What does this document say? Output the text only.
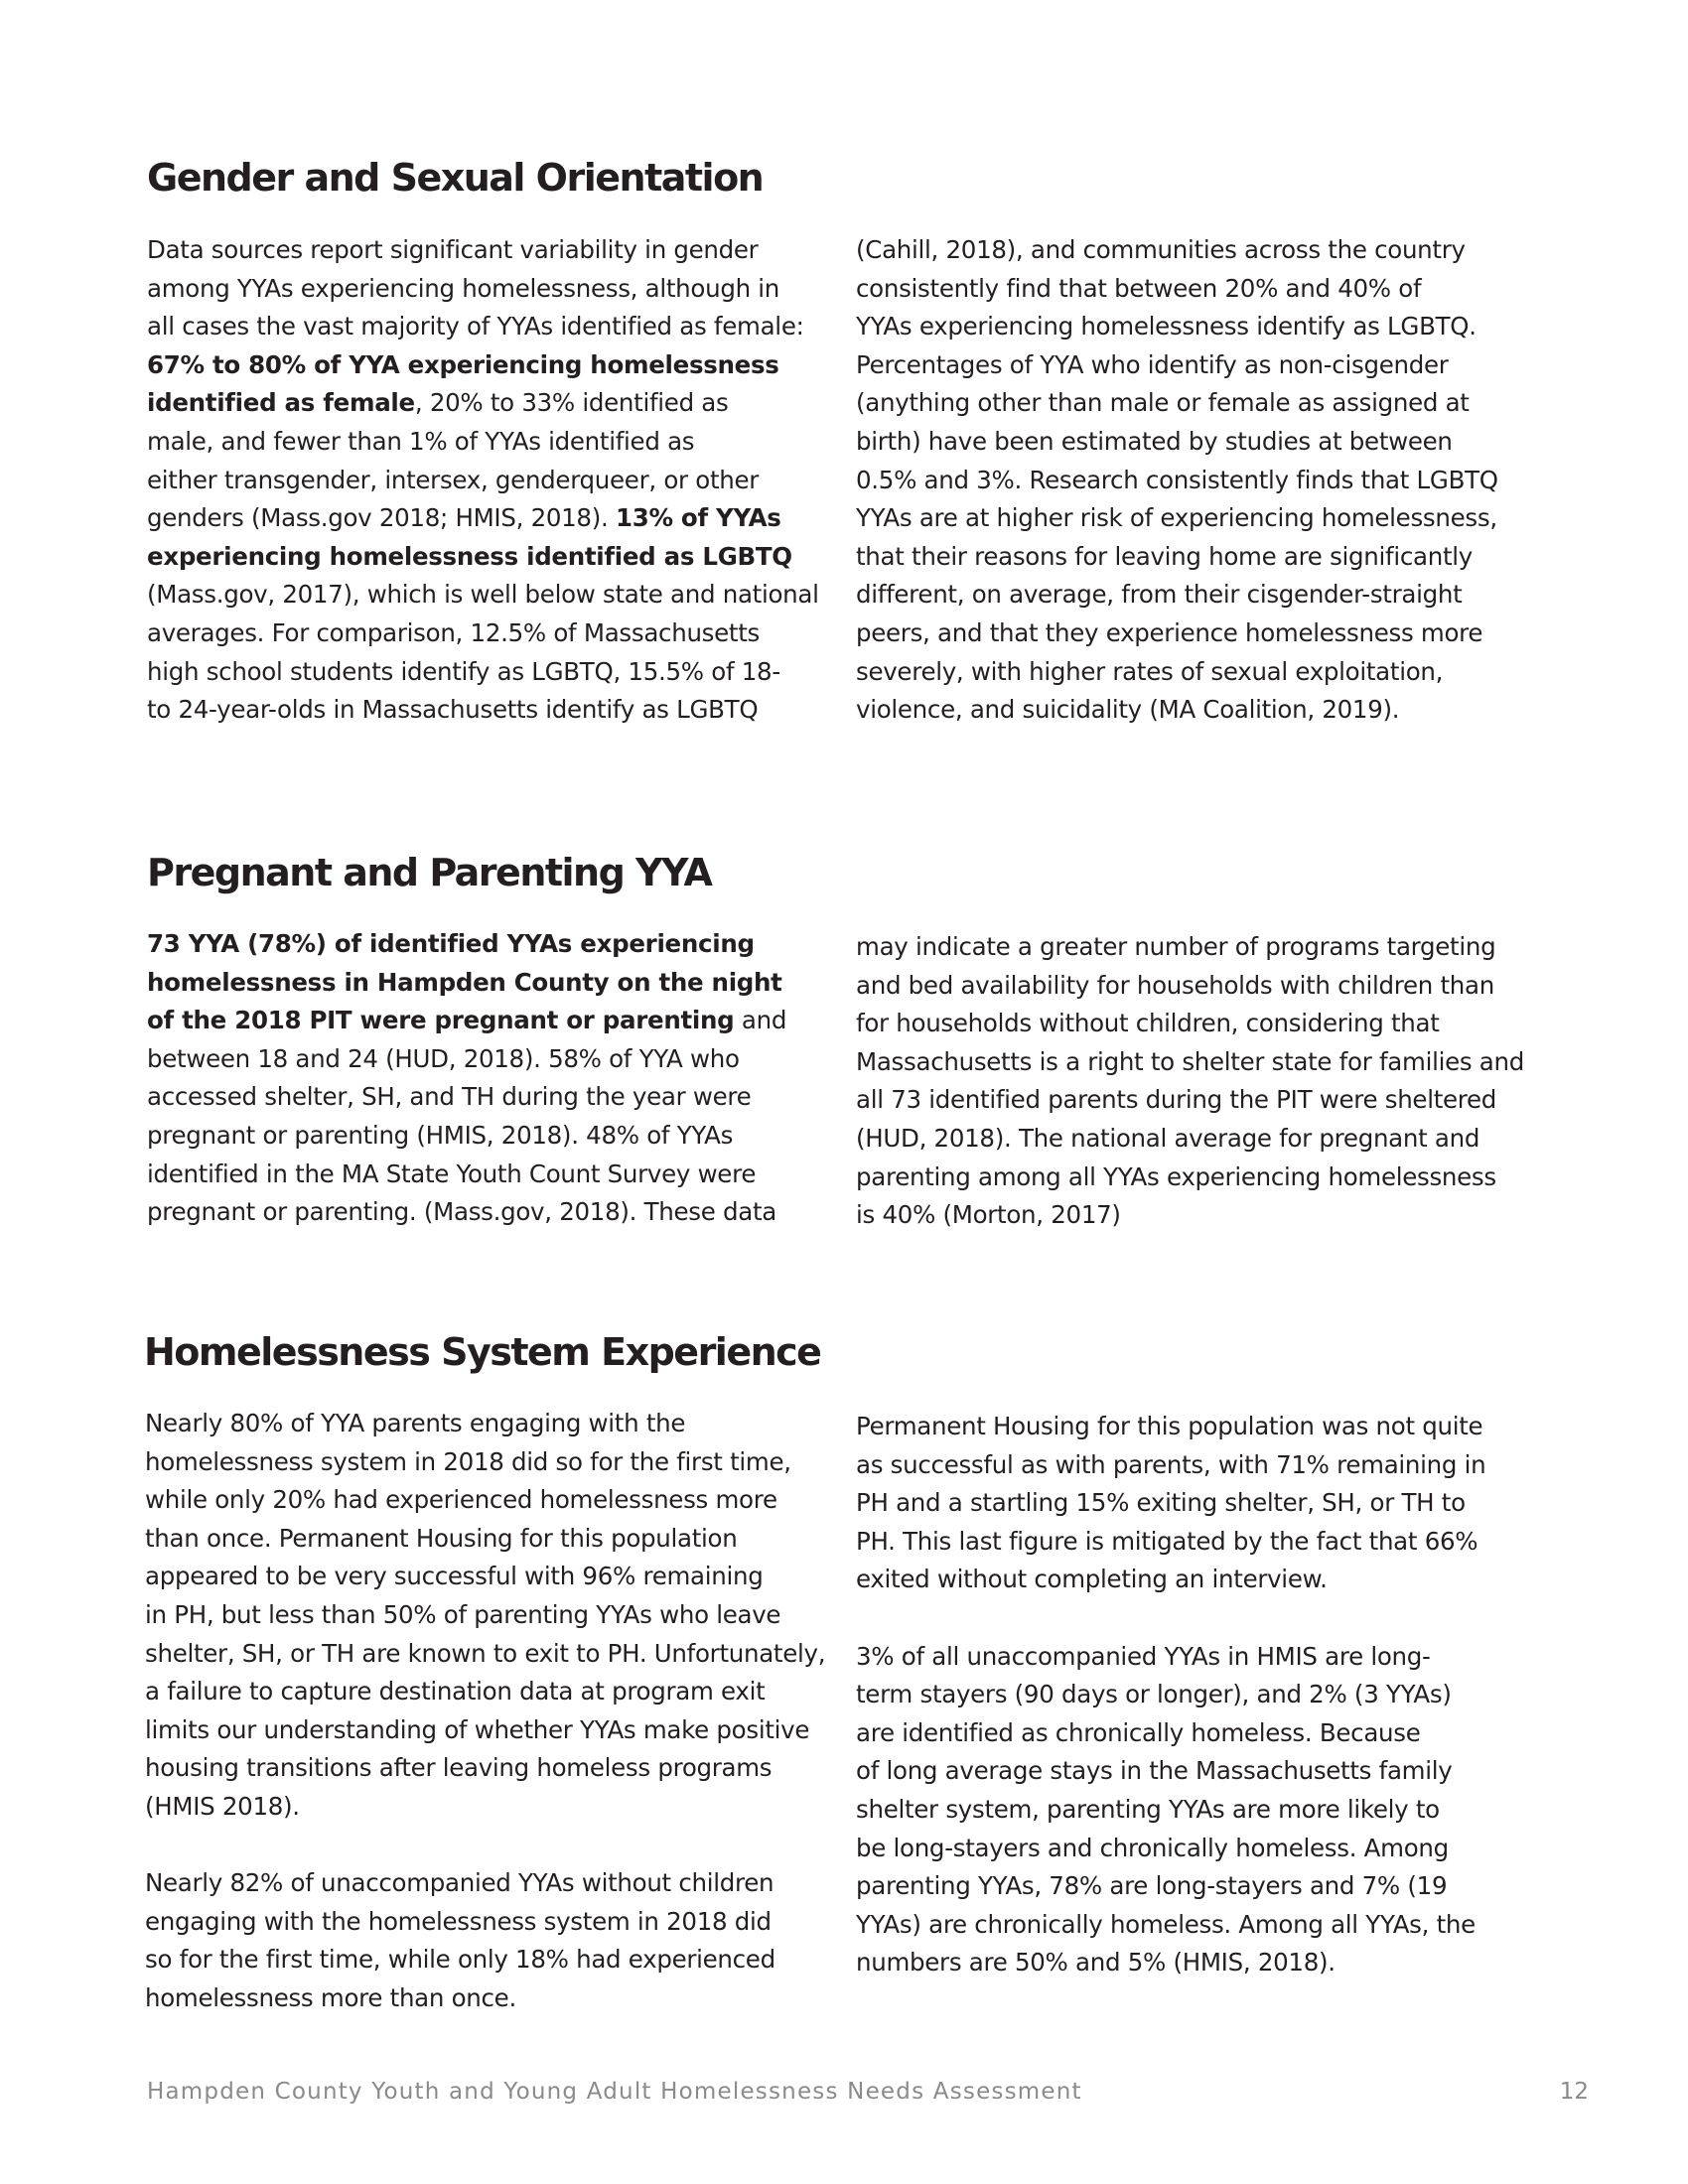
Gender and Sexual Orientation

Data sources report significant variability in gender

among YYAs experiencing homelessness, although in

all cases the vast majority of YYAs identified as female:

67% to 80% of YYA experiencing homelessness

identified as female, 20% to 33% identified as

male, and fewer than 1% of YYAs identified as

either transgender, intersex, genderqueer, or other

genders (Mass.gov 2018; HMIS, 2018). 13% of YYAs

experiencing homelessness identified as LGBTQ

(Mass.gov, 2017), which is well below state and national

averages. For comparison, 12.5% of Massachusetts

high school students identify as LGBTQ, 15.5% of 18-

to 24-year-olds in Massachusetts identify as LGBTQ

(Cahill, 2018), and communities across the country

consistently find that between 20% and 40% of

YYAs experiencing homelessness identify as LGBTQ.

Percentages of YYA who identify as non-cisgender

(anything other than male or female as assigned at

birth) have been estimated by studies at between

0.5% and 3%. Research consistently finds that LGBTQ

YYAs are at higher risk of experiencing homelessness,

that their reasons for leaving home are significantly

different, on average, from their cisgender-straight

peers, and that they experience homelessness more

severely, with higher rates of sexual exploitation,

violence, and suicidality (MA Coalition, 2019).

Pregnant and Parenting YYA

73 YYA (78%) of identified YYAs experiencing

homelessness in Hampden County on the night

of the 2018 PIT were pregnant or parenting and

between 18 and 24 (HUD, 2018). 58% of YYA who

accessed shelter, SH, and TH during the year were

pregnant or parenting (HMIS, 2018). 48% of YYAs

identified in the MA State Youth Count Survey were

pregnant or parenting. (Mass.gov, 2018). These data

may indicate a greater number of programs targeting

and bed availability for households with children than

for households without children, considering that

Massachusetts is a right to shelter state for families and

all 73 identified parents during the PIT were sheltered

(HUD, 2018). The national average for pregnant and

parenting among all YYAs experiencing homelessness

is 40% (Morton, 2017)

Homelessness System Experience

Nearly 80% of YYA parents engaging with the

homelessness system in 2018 did so for the first time,

while only 20% had experienced homelessness more

than once. Permanent Housing for this population

appeared to be very successful with 96% remaining

in PH, but less than 50% of parenting YYAs who leave

shelter, SH, or TH are known to exit to PH. Unfortunately,

a failure to capture destination data at program exit

limits our understanding of whether YYAs make positive

housing transitions after leaving homeless programs

(HMIS 2018).

Nearly 82% of unaccompanied YYAs without children

engaging with the homelessness system in 2018 did

so for the first time, while only 18% had experienced

homelessness more than once.

Permanent Housing for this population was not quite

as successful as with parents, with 71% remaining in

PH and a startling 15% exiting shelter, SH, or TH to

PH. This last figure is mitigated by the fact that 66%

exited without completing an interview.

3% of all unaccompanied YYAs in HMIS are long-

term stayers (90 days or longer), and 2% (3 YYAs)

are identified as chronically homeless. Because

of long average stays in the Massachusetts family

shelter system, parenting YYAs are more likely to

be long-stayers and chronically homeless. Among

parenting YYAs, 78% are long-stayers and 7% (19

YYAs) are chronically homeless. Among all YYAs, the

numbers are 50% and 5% (HMIS, 2018).

Hampden County Youth and Young Adult Homelessness Needs Assessment	12
